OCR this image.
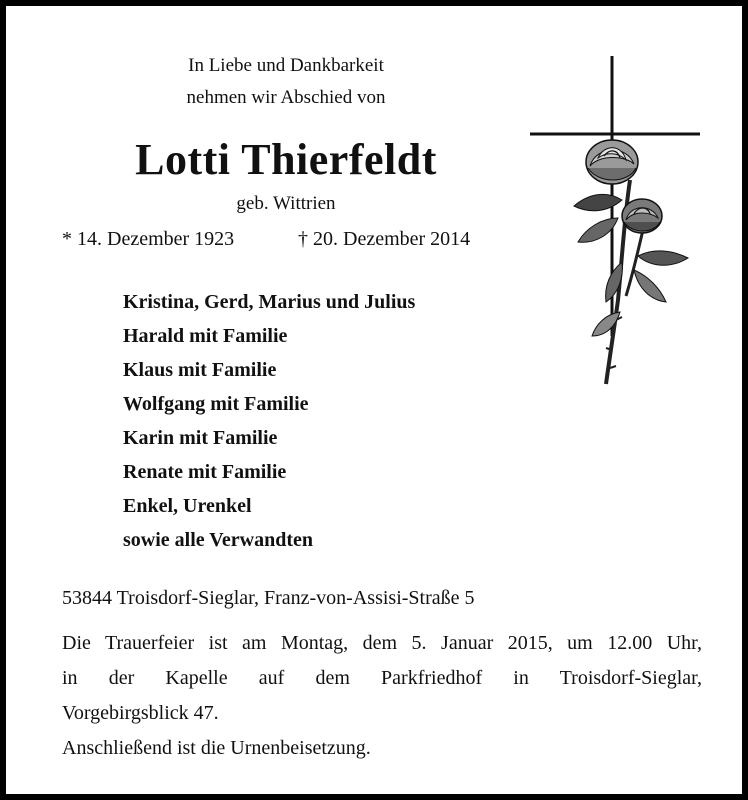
In Liebe und Dankbarkeit
nehmen wir Abschied von
Lotti Thierfeldt
geb. Wittrien
* 14. Dezember 1923	† 20. Dezember 2014
Kristina, Gerd, Marius und Julius
Harald mit Familie
Klaus mit Familie
Wolfgang mit Familie
Karin mit Familie
Renate mit Familie
Enkel, Urenkel
sowie alle Verwandten
53844 Troisdorf-Sieglar, Franz-von-Assisi-Straße 5
Die Trauerfeier ist am Montag, dem 5. Januar 2015, um 12.00 Uhr,
in der Kapelle auf dem Parkfriedhof in Troisdorf-Sieglar,
Vorgebirgsblick 47.
Anschließend ist die Urnenbeisetzung.
